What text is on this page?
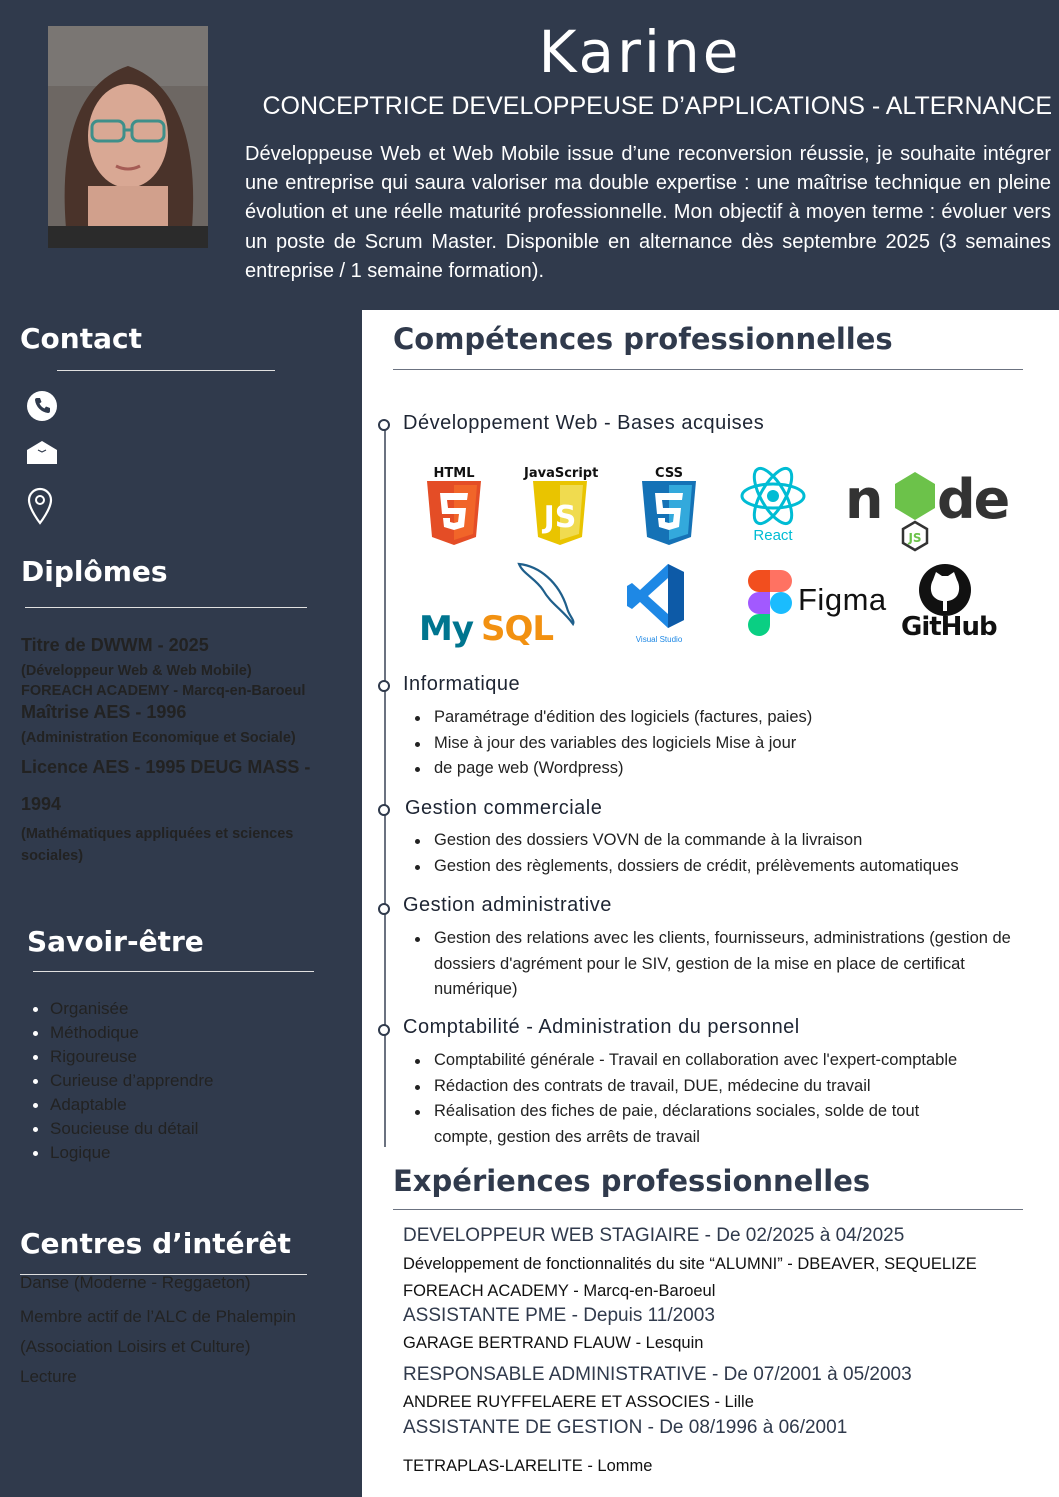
Karine
CONCEPTRICE DEVELOPPEUSE D’APPLICATIONS - ALTERNANCE

Développeuse Web et Web Mobile issue d’une reconversion réussie, je souhaite intégrer une entreprise qui saura valoriser ma double expertise : une maîtrise technique en pleine évolution et une réelle maturité professionnelle. Mon objectif à moyen terme : évoluer vers un poste de Scrum Master. Disponible en alternance dès septembre 2025 (3 semaines entreprise / 1 semaine formation).

Contact
Diplômes
Titre de DWWM - 2025
(Développeur Web & Web Mobile)
FOREACH ACADEMY - Marcq-en-Baroeul
Maîtrise AES - 1996
(Administration Economique et Sociale)
Licence AES - 1995 DEUG MASS -
1994
(Mathématiques appliquées et sciences sociales)
Savoir-être
Organisée
Méthodique
Rigoureuse
Curieuse d’apprendre
Adaptable
Soucieuse du détail
Logique
Centres d’intérêt
Danse (Moderne - Reggaeton)
Membre actif de l’ALC de Phalempin
(Association Loisirs et Culture)
Lecture
Compétences professionnelles
Développement Web - Bases acquises
HTML	JavaScript
JS
CSS
React
n de
JS
My SQL	Visual Studio
Figma
GitHub
Informatique
Paramétrage d'édition des logiciels (factures, paies)
Mise à jour des variables des logiciels Mise à jour
de page web (Wordpress)
Gestion commerciale
Gestion des dossiers VOVN de la commande à la livraison
Gestion des règlements, dossiers de crédit, prélèvements automatiques
Gestion administrative
Gestion des relations avec les clients, fournisseurs, administrations (gestion de dossiers d'agrément pour le SIV, gestion de la mise en place de certificat numérique)
Comptabilité - Administration du personnel
Comptabilité générale - Travail en collaboration avec l'expert-comptable
Rédaction des contrats de travail, DUE, médecine du travail
Réalisation des fiches de paie, déclarations sociales, solde de tout compte, gestion des arrêts de travail
Expériences professionnelles
DEVELOPPEUR WEB STAGIAIRE - De 02/2025 à 04/2025
Développement de fonctionnalités du site “ALUMNI” - DBEAVER, SEQUELIZE
FOREACH ACADEMY - Marcq-en-Baroeul
ASSISTANTE PME - Depuis 11/2003
GARAGE BERTRAND FLAUW - Lesquin
RESPONSABLE ADMINISTRATIVE - De 07/2001 à 05/2003
ANDREE RUYFFELAERE ET ASSOCIES - Lille
ASSISTANTE DE GESTION - De 08/1996 à 06/2001
TETRAPLAS-LARELITE - Lomme
